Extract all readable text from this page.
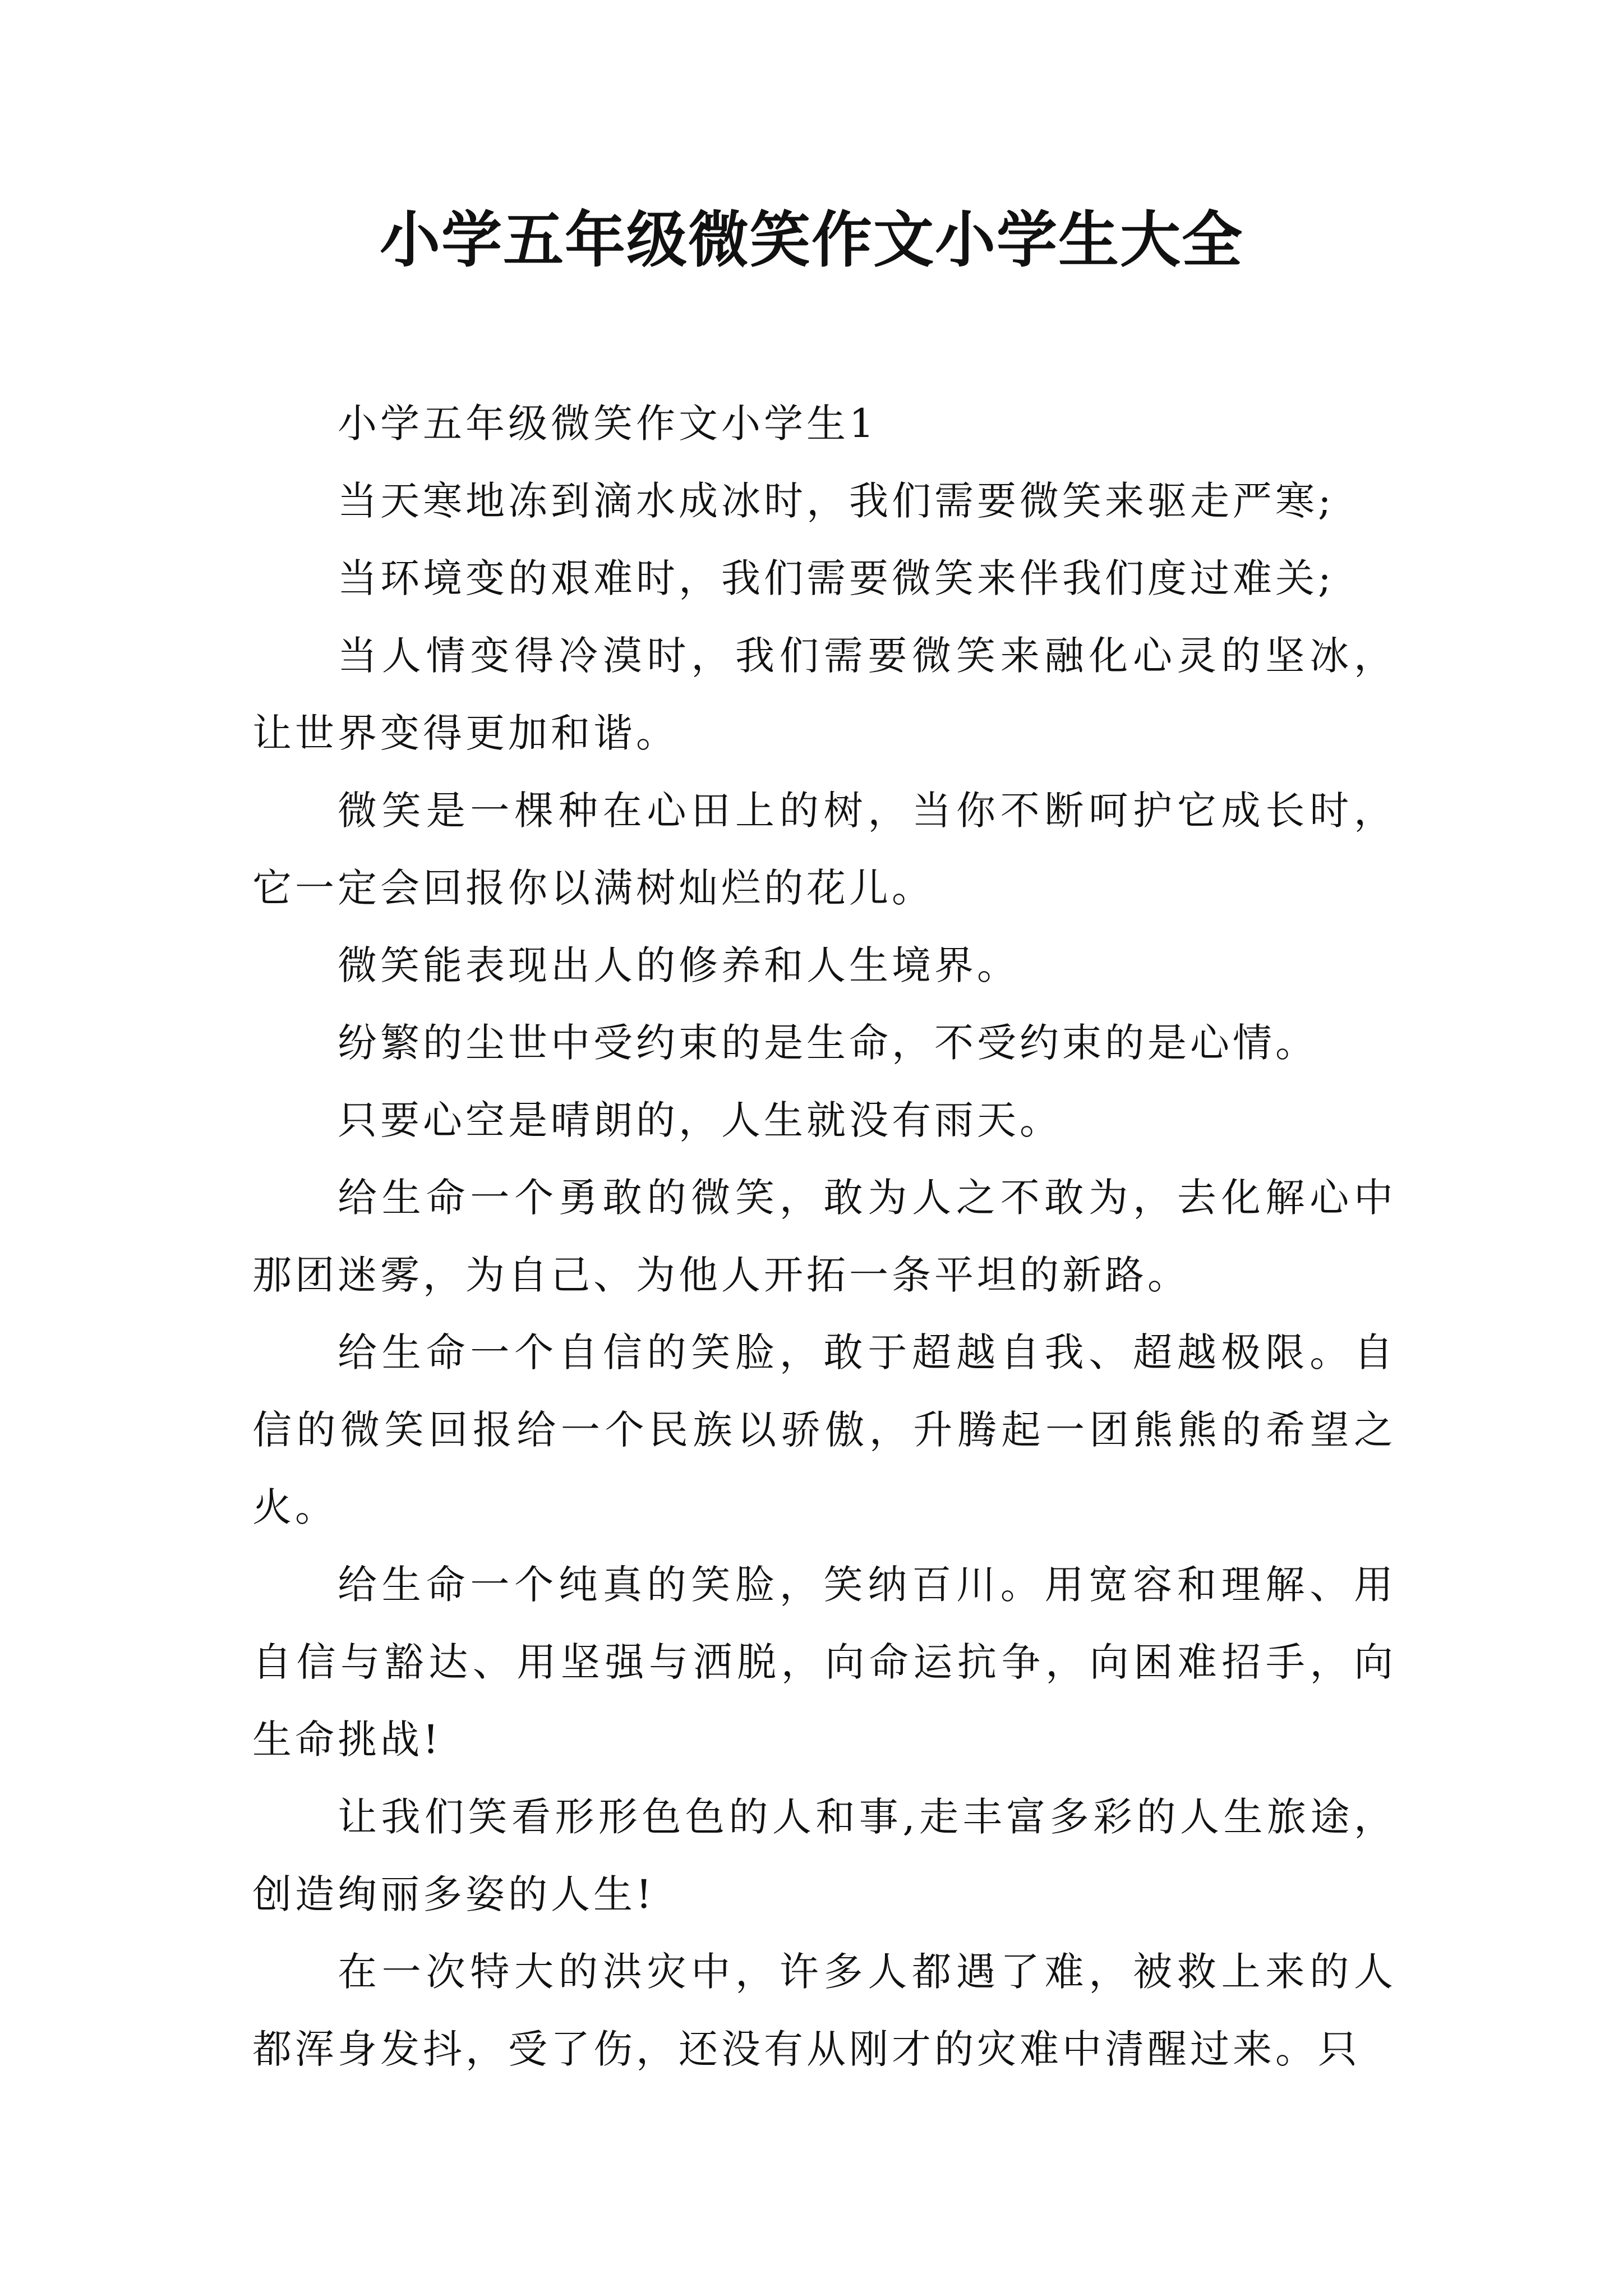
小学五年级微笑作文小学生大全

小学五年级微笑作文小学生1

当天寒地冻到滴水成冰时，我们需要微笑来驱走严寒;

当环境变的艰难时，我们需要微笑来伴我们度过难关;

当人情变得冷漠时，我们需要微笑来融化心灵的坚冰，让世界变得更加和谐。

微笑是一棵种在心田上的树，当你不断呵护它成长时，它一定会回报你以满树灿烂的花儿。

微笑能表现出人的修养和人生境界。

纷繁的尘世中受约束的是生命，不受约束的是心情。

只要心空是晴朗的，人生就没有雨天。

给生命一个勇敢的微笑，敢为人之不敢为，去化解心中那团迷雾，为自己、为他人开拓一条平坦的新路。

给生命一个自信的笑脸，敢于超越自我、超越极限。自信的微笑回报给一个民族以骄傲，升腾起一团熊熊的希望之火。

给生命一个纯真的笑脸，笑纳百川。用宽容和理解、用自信与豁达、用坚强与洒脱，向命运抗争，向困难招手，向生命挑战!

让我们笑看形形色色的人和事,走丰富多彩的人生旅途，创造绚丽多姿的人生!

在一次特大的洪灾中，许多人都遇了难，被救上来的人都浑身发抖，受了伤，还没有从刚才的灾难中清醒过来。只
